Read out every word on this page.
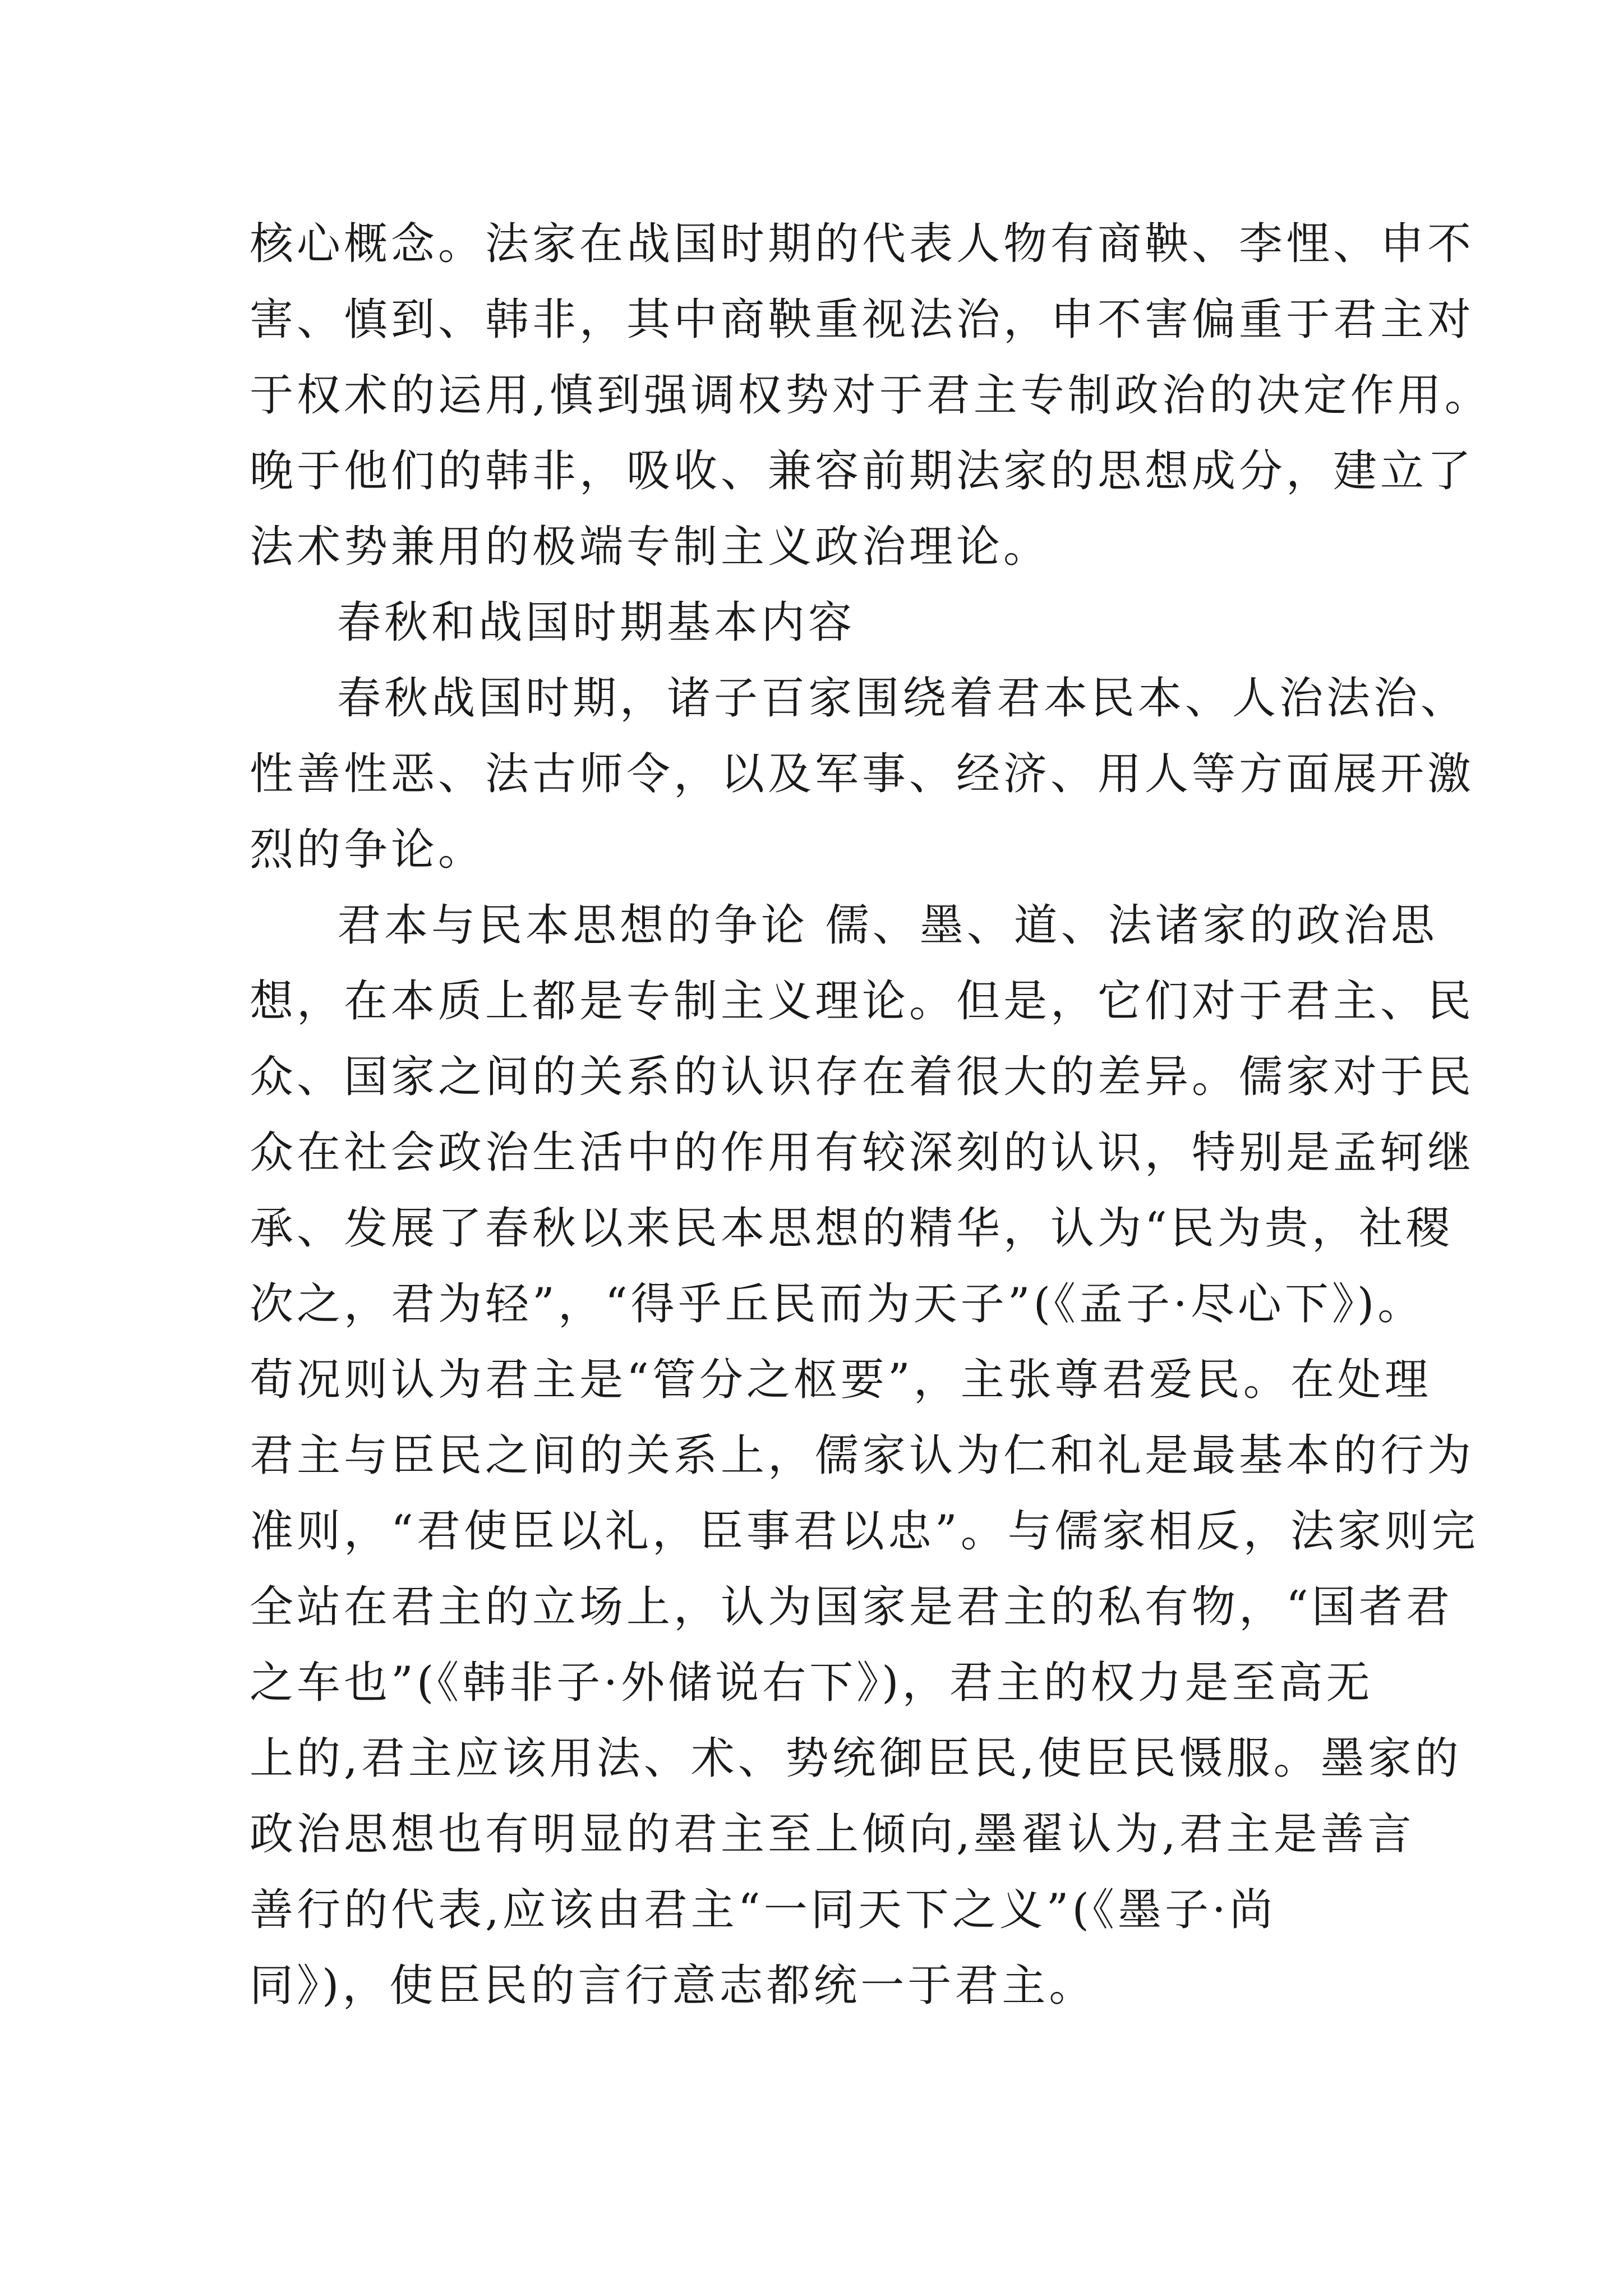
核心概念。法家在战国时期的代表人物有商鞅、李悝、申不
害、慎到、韩非，其中商鞅重视法治，申不害偏重于君主对
于权术的运用,慎到强调权势对于君主专制政治的决定作用。
晚于他们的韩非，吸收、兼容前期法家的思想成分，建立了
法术势兼用的极端专制主义政治理论。
春秋和战国时期基本内容
春秋战国时期，诸子百家围绕着君本民本、人治法治、
性善性恶、法古师令，以及军事、经济、用人等方面展开激
烈的争论。
君本与民本思想的争论 儒、墨、道、法诸家的政治思
想，在本质上都是专制主义理论。但是，它们对于君主、民
众、国家之间的关系的认识存在着很大的差异。儒家对于民
众在社会政治生活中的作用有较深刻的认识，特别是孟轲继
承、发展了春秋以来民本思想的精华，认为“民为贵，社稷
次之，君为轻”，“得乎丘民而为天子”(《孟子·尽心下》)。
荀况则认为君主是“管分之枢要”，主张尊君爱民。在处理
君主与臣民之间的关系上，儒家认为仁和礼是最基本的行为
准则，“君使臣以礼，臣事君以忠”。与儒家相反，法家则完
全站在君主的立场上，认为国家是君主的私有物，“国者君
之车也”(《韩非子·外储说右下》)，君主的权力是至高无
上的,君主应该用法、术、势统御臣民,使臣民慑服。墨家的
政治思想也有明显的君主至上倾向,墨翟认为,君主是善言
善行的代表,应该由君主“一同天下之义”(《墨子·尚
同》)，使臣民的言行意志都统一于君主。
